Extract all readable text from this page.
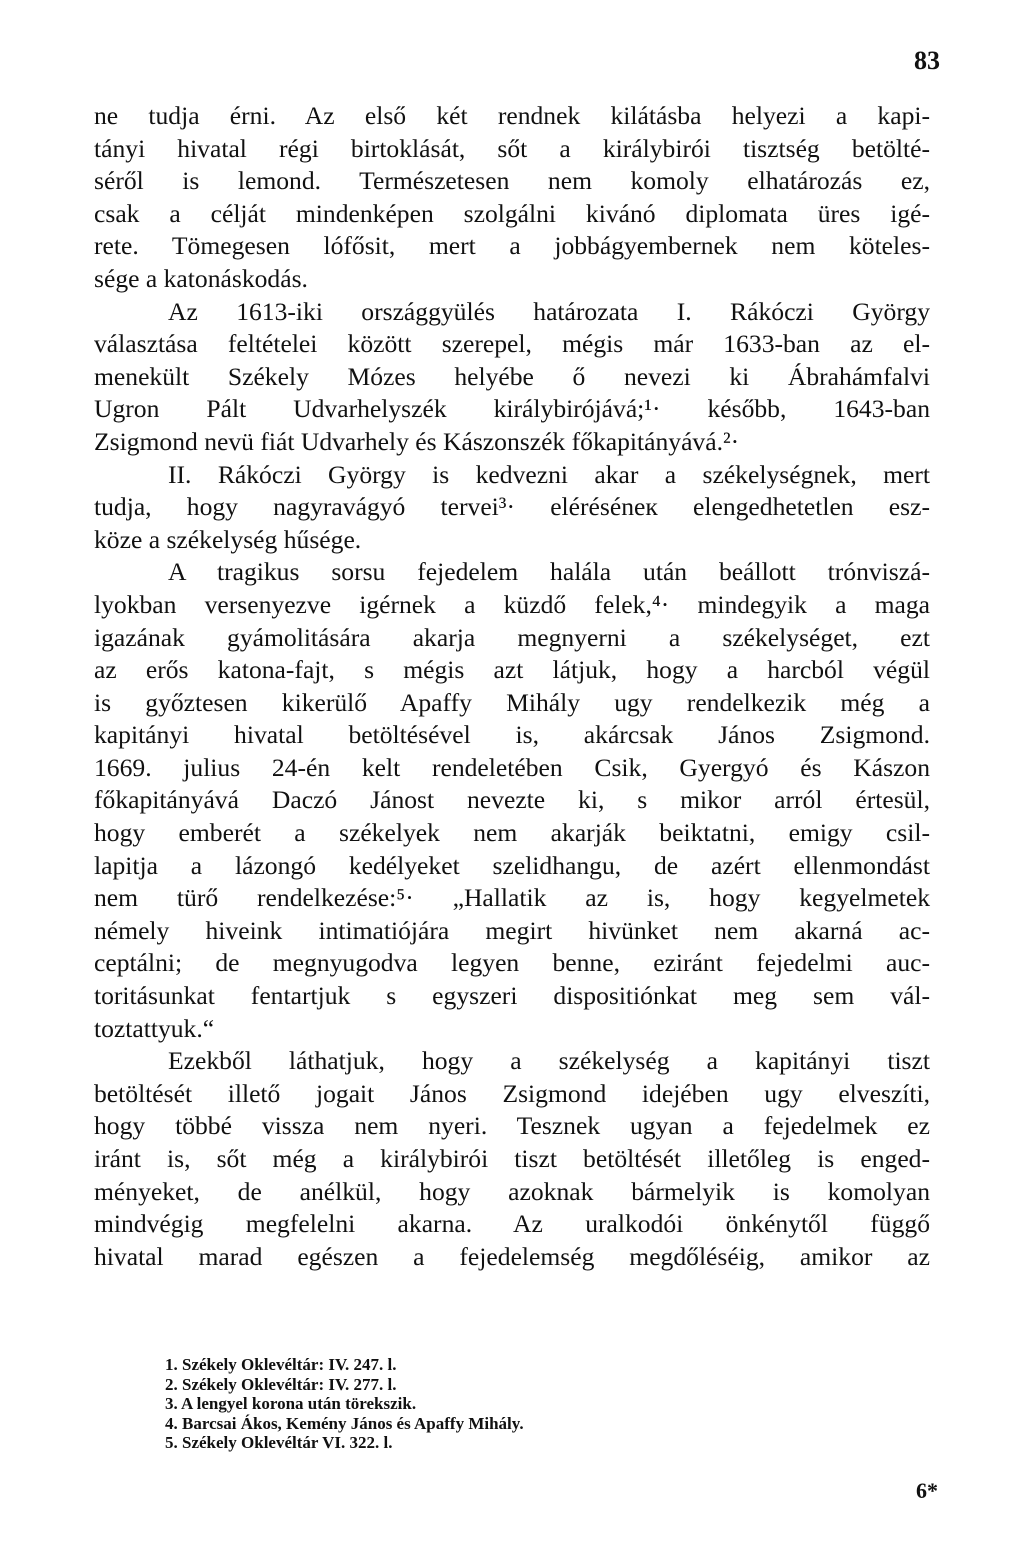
83
ne tudja érni. Az első két rendnek kilátásba helyezi a kapi-
tányi hivatal régi birtoklását, sőt a királybirói tisztség betölté-
séről is lemond. Természetesen nem komoly elhatározás ez,
csak a célját mindenképen szolgálni kivánó diplomata üres igé-
rete. Tömegesen lófősit, mert a jobbágyembernek nem köteles-
sége a katonáskodás.
Az 1613-iki országgyülés határozata I. Rákóczi György
választása feltételei között szerepel, mégis már 1633-ban az el-
menekült Székely Mózes helyébe ő nevezi ki Ábrahámfalvi
Ugron Pált Udvarhelyszék királybirójává;¹· később, 1643-ban
Zsigmond nevü fiát Udvarhely és Kászonszék főkapitányává.²·
II. Rákóczi György is kedvezni akar a székelységnek, mert
tudja, hogy nagyravágyó tervei³· eléréséneк elengedhetetlen esz-
köze a székelység hűsége.
A tragikus sorsu fejedelem halála után beállott trónviszá-
lyokban versenyezve igérnek a küzdő felek,⁴· mindegyik a maga
igazának gyámolitására akarja megnyerni a székelységet, ezt
az erős katona-fajt, s mégis azt látjuk, hogy a harcból végül
is győztesen kikerülő Apaffy Mihály ugy rendelkezik még a
kapitányi hivatal betöltésével is, akárcsak János Zsigmond.
1669. julius 24-én kelt rendeletében Csik, Gyergyó és Kászon
főkapitányává Daczó Jánost nevezte ki, s mikor arról értesül,
hogy emberét a székelyek nem akarják beiktatni, emigy csil-
lapitja a lázongó kedélyeket szelidhangu, de azért ellenmondást
nem türő rendelkezése:⁵· „Hallatik az is, hogy kegyelmetek
némely hiveink intimatiójára megirt hivünket nem akarná ac-
ceptálni; de megnyugodva legyen benne, eziránt fejedelmi auc-
toritásunkat fentartjuk s egyszeri dispositiónkat meg sem vál-
toztattyuk.“
Ezekből láthatjuk, hogy a székelység a kapitányi tiszt
betöltését illető jogait János Zsigmond idejében ugy elveszíti,
hogy többé vissza nem nyeri. Tesznek ugyan a fejedelmek ez
iránt is, sőt még a királybirói tiszt betöltését illetőleg is enged-
ményeket, de anélkül, hogy azoknak bármelyik is komolyan
mindvégig megfelelni akarna. Az uralkodói önkénytől függő
hivatal marad egészen a fejedelemség megdőléséig, amikor az
1. Székely Oklevéltár: IV. 247. l.
2. Székely Oklevéltár: IV. 277. l.
3. A lengyel korona után törekszik.
4. Barcsai Ákos, Kemény János és Apaffy Mihály.
5. Székely Oklevéltár VI. 322. l.
6*
